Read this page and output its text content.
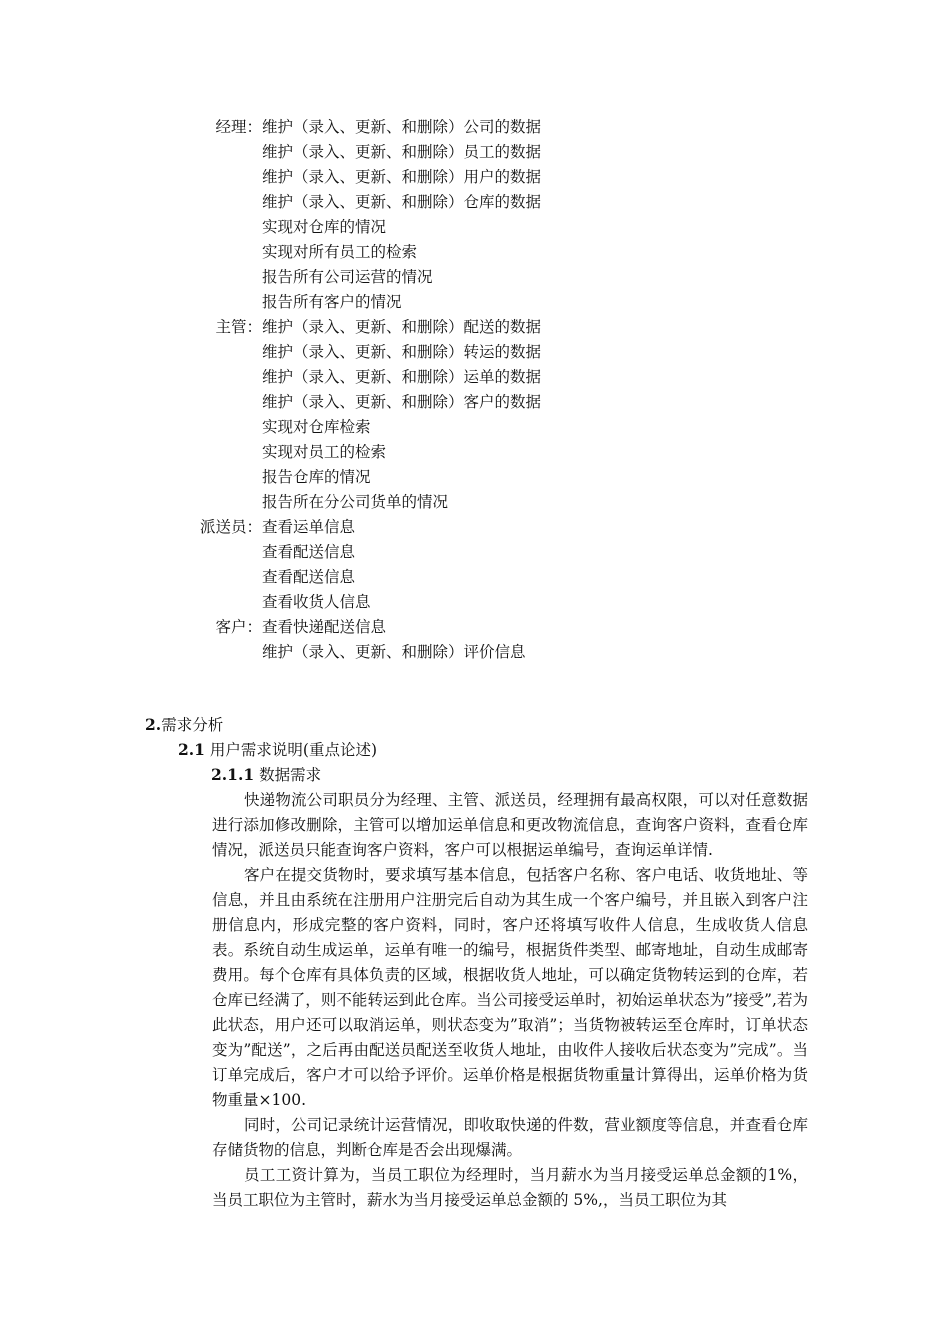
经理： 维护（录入、更新、和删除）公司的数据
维护（录入、更新、和删除）员工的数据
维护（录入、更新、和删除）用户的数据
维护（录入、更新、和删除）仓库的数据
实现对仓库的情况
实现对所有员工的检索
报告所有公司运营的情况
报告所有客户的情况
主管： 维护（录入、更新、和删除）配送的数据
维护（录入、更新、和删除）转运的数据
维护（录入、更新、和删除）运单的数据
维护（录入、更新、和删除）客户的数据
实现对仓库检索
实现对员工的检索
报告仓库的情况
报告所在分公司货单的情况
派送员： 查看运单信息
查看配送信息
查看配送信息
查看收货人信息
客户： 查看快递配送信息
维护（录入、更新、和删除）评价信息
2.需求分析
2.1 用户需求说明(重点论述)
2.1.1 数据需求

快递物流公司职员分为经理、主管、派送员，经理拥有最高权限，可以对任意数据进行添加修改删除，主管可以增加运单信息和更改物流信息，查询客户资料，查看仓库情况，派送员只能查询客户资料，客户可以根据运单编号，查询运单详情.

客户在提交货物时，要求填写基本信息，包括客户名称、客户电话、收货地址、等信息，并且由系统在注册用户注册完后自动为其生成一个客户编号，并且嵌入到客户注册信息内，形成完整的客户资料，同时，客户还将填写收件人信息，生成收货人信息表。系统自动生成运单，运单有唯一的编号，根据货件类型、邮寄地址，自动生成邮寄费用。每个仓库有具体负责的区域，根据收货人地址，可以确定货物转运到的仓库，若仓库已经满了，则不能转运到此仓库。当公司接受运单时，初始运单状态为”接受”,若为此状态，用户还可以取消运单，则状态变为”取消”；当货物被转运至仓库时，订单状态变为”配送”，之后再由配送员配送至收货人地址，由收件人接收后状态变为”完成”。当订单完成后，客户才可以给予评价。运单价格是根据货物重量计算得出，运单价格为货物重量×100.

同时，公司记录统计运营情况，即收取快递的件数，营业额度等信息，并查看仓库存储货物的信息，判断仓库是否会出现爆满。

员工工资计算为，当员工职位为经理时，当月薪水为当月接受运单总金额的1%，当员工职位为主管时，薪水为当月接受运单总金额的 5%,，当员工职位为其
